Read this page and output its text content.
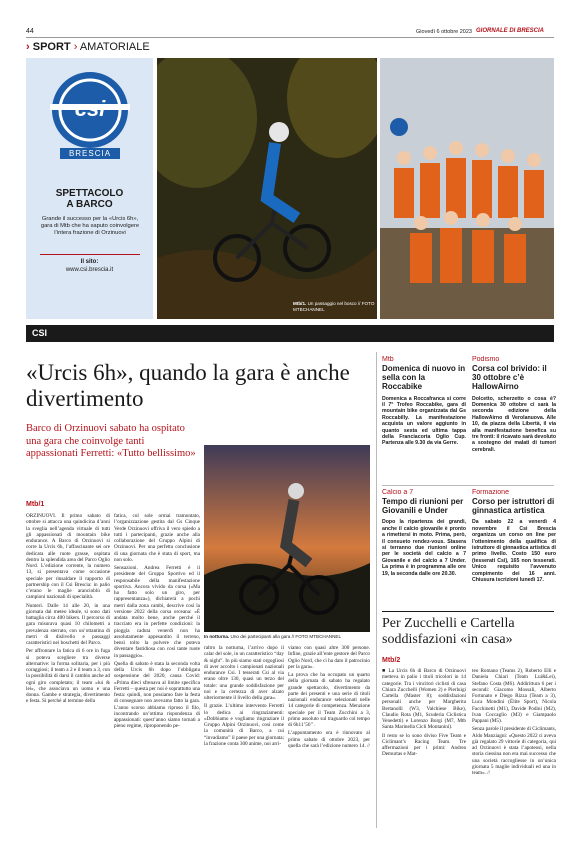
44	Giovedì 6 ottobre 2023 GIORNALE DI BRESCIA
› SPORT › AMATORIALE
csi
BRESCIA
SPETTACOLO
A BARCO
Grande il successo per la «Urcis 6h», gara di Mtb che ha saputo coinvolgere l’intera frazione di Orzinuovi
Il sito:
www.csi.brescia.it
Mtb/1. Un passaggio nel bosco // FOTO MTBCHANNEL
CSI
«Urcis 6h», quando la gara è anche divertimento
Barco di Orzinuovi sabato ha ospitato una gara che coinvolge tanti appassionati Ferretti: «Tutto bellissimo»
Mtb/1

ORZINUOVI. Il primo sabato di ottobre si attacca una quindicina d’anni la sveglia nell’agenda virtuale di tutti gli appassionati di mountain bike endurance. A Barco di Orzinuovi si corre la Urcis 6h, l’affascinante sei ore dedicata alle ruote grasse, ospitata dentro la splendida area del Parco Oglio Nord. L’edizione corrente, la numero 13, si presentava come occasione speciale per rinsaldare il rapporto di partnership con il Csi Brescia: in palio c’erano le maglie arancioblù di campioni nazionali di specialità.

Numeri. Dalle 14 alle 20, in una giornata dal meteo ideale, si sono dati battaglia circa 400 bikers. Il percorso di gara misurava quasi 10 chilometri a prevalenza sterrato, con un’ottantina di metri di dislivello e passaggi caratteristici nei boschetti del Parco.

Per affrontare la fatica di 6 ore in fuga si poteva scegliere tra diverse alternative: la forma solitaria, per i più coraggiosi; il team a 2 e il team a 3, con la possibilità di darsi il cambio anche ad ogni giro completato; il team «lui & lei», che associava un uomo e una donna. Gambe e strategia, divertimento e festa. Si perché al termine della

fatica, col sole ormai tramontato, l’organizzazione gestita dal Gs Cinque Verde Orzinuovi offriva il vero spiedo a tutti i partecipanti, grazie anche alla collaborazione del Gruppo Alpini di Orzinuovi. Per una perfetta conclusione di una giornata che è stata di sport, ma non solo.

Sensazioni. Andrea Ferretti è il presidente del Gruppo Sportivo ed il responsabile della manifestazione sportiva. Ancora vivido da corsa («Ma ho fatto solo un giro, per rappresentanza»), dichiarerà a pochi metri dalla zona cambi, descrive così la versione 2022 della corsa orceana: «È andata molto bene, anche perché il tracciato era in perfette condizioni: la pioggia caduta venerdì non ha assolutamente appesantito il terreno, bensì tolto la polvere che poteva diventare fastidiosa con così tante ruote in passaggio».

Quella di sabato è stata la seconda volta della Urcis 6h dopo l’obbligata sospensione del 2020, causa Covid: «Prima dieci sfrenava al limite specifica Ferretti – questa per noi è soprattutto una festa: quindi, non possiamo fare la festa di consegnare non avevamo fatto la gara. L’anno scorso abbiamo riproso il filo, incontrando un’ottima rispondenza di appassionati: quest’anno siamo tornati a pieno regime, riproponendo pe-

In notturna. Uno dei partecipanti alla gara // FOTO MTBCHANNEL

raltro la notturna, l’arrivo dopo il calar del sole, in un caratteristico “day & night”. In più siamo stati orgogliosi di aver accolto i campionati nazionali endurance Csi. I tesserati Csi al via erano oltre 130, quasi un terzo del totale: una grande soddisfazione per noi e la certezza di aver alzato ulteriormente il livello della gara».

Il grazie. L’ultimo intervento Ferretti lo dedica ai ringraziamenti: «Dobbiamo e vogliamo ringraziare il Gruppo Alpini Orzinuovi, così come la comunità di Barco, a cui “invadiamo” il paese per una giornata; la frazione conta 300 anime, noi arri-

viamo con quasi altre 300 persone. Infine, grazie all’ente gestore del Parco Oglio Nord, che ci ha dato il patrocinio per la gara».

La prova che ha occupato un quarto della giornata di sabato ha regalato grande spettacolo, divertimento da parte dei presenti e una serie di titoli nazionali endurance selezionati nelle 14 categorie di competenza. Menzione speciale per il Team Zucchini a 3, primo assoluto sul traguardo col tempo di 6h11’56’’.

L’appuntamento ora è rinnovato al primo sabato di ottobre 2023, per quella che sarà l’edizione numero 14. //

Mtb
Domenica di nuovo in sella con la Roccabike
Domenica a Roccafranca si corre il 7° Trofeo Roccabike, gara di mountain bike organizzata dal Gs Roccabilly. La manifestazione acquista un valore aggiunto in quanto sesta ed ultima tappa della Franciacorta Oglio Cup. Partenza alle 9.30 da via Gerre.
Podismo
Corsa col brivido: il 30 ottobre c’è HallowAirno
Dolcetto, scherzetto o cosa è? Domenica 30 ottobre ci sarà la seconda edizione della HallowAirno di Verolanuova. Alle 10, da piazza della Libertà, il via alla manifestazione benefica su tre fronti: il ricavato sarà devoluto a sostegno dei malati di tumori cerebrali.
Calcio a 7
Tempo di riunioni per Giovanili e Under
Dopo la ripartenza dei grandi, anche il calcio giovanile è pronto a rimettersi in moto. Prima, però, il consueto rendez-vous. Stasera si terranno due riunioni online per le società del calcio a 7 Giovanile e del calcio a 7 Under. La prima è in programma alle ore 19, la seconda dalle ore 20.30.
Formazione
Corso per istruttori di ginnastica artistica
Da sabato 22 a venerdì 4 novembre il Csi Brescia organizza un corso on line per l’ottenimento della qualifica di istruttore di ginnastica artistica di primo livello. Costo 150 euro (tesserati Csi), 165 non tesserati. Unico requisito l’avvenuto compimento dei 16 anni. Chiusura iscrizioni lunedì 17.
Per Zucchelli e Cartella soddisfazioni «in casa»
Mtb/2

■ La Urcis 6h di Barco di Orzinuovi metteva in palio i titoli tricolori in 14 categorie. Tra i vincitori ciclisti di casa Chiara Zucchelli (Women 2) e Pierluigi Cartella (Master 8); soddisfazioni personali anche per Margherita Bertanolli (W3, Valchiese Bike), Claudio Rota (M1, Scuderia Ciclistica Venedetti) e Lorenzo Borgi (M7, Mtb Santa Marinella Cicli Montanini).

Il resto se lo sono diviso Five Team e Ciclimant’s Racing Team. Tre affermazioni per i primi: Andrea Demurtas e Mat-

teo Romano (Teams 2), Roberto Elli e Daniela Chiari (Team Lui&Lei), Stefano Costa (M6). Addirittura 6 per i secondi: Giacomo Mossali, Alberto Fortunato e Diego Rizza (Team a 3), Luca Mondini (Élite Sport), Nicola Facchinetti (M1), Davide Podini (M2), Ivan Coccaglio (M3) e Giampaolo Pappani (M5).

Senza parole il presidente di Ciclimants, Aldo Manziagni: «Questo 2022 ci aveva già regalato 29 vittorie di categoria, qui ad Orzinuovi è stata l’apoteosi, nella storia ciessina non era mai successo che una società raccogliesse in un’unica giornata 5 maglie individuali ed una in team». //
